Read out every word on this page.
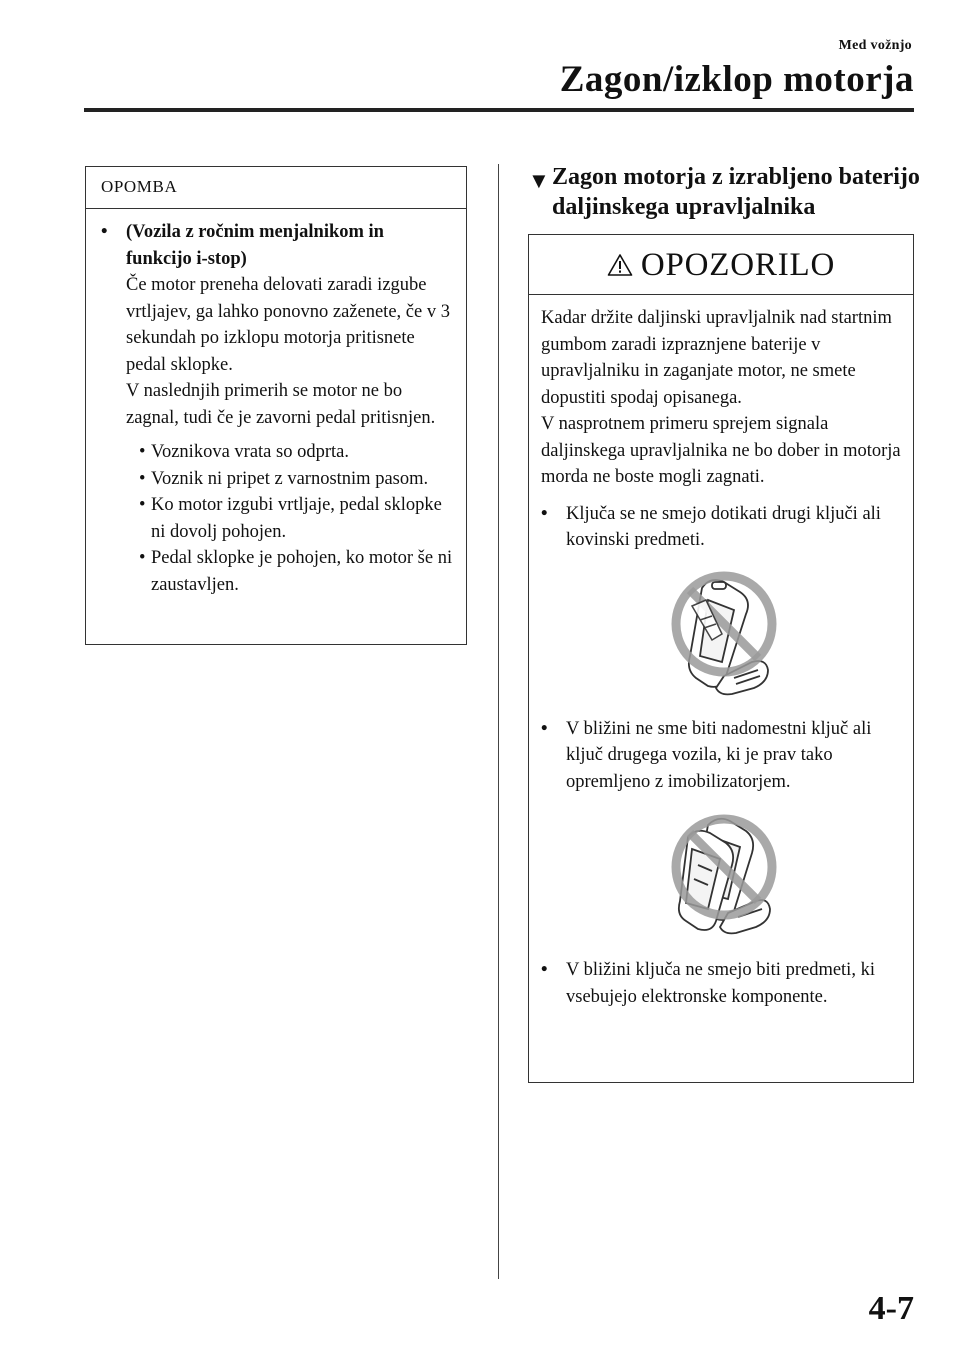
Med vožnjo
Zagon/izklop motorja
OPOMBA
•	(Vozila z ročnim menjalnikom in funkcijo i-stop)
Če motor preneha delovati zaradi izgube vrtljajev, ga lahko ponovno zaženete, če v 3 sekundah po izklopu motorja pritisnete pedal sklopke.
V naslednjih primerih se motor ne bo zagnal, tudi če je zavorni pedal pritisnjen.
• Voznikova vrata so odprta.
• Voznik ni pripet z varnostnim pasom.
• Ko motor izgubi vrtljaje, pedal sklopke ni dovolj pohojen.
• Pedal sklopke je pohojen, ko motor še ni zaustavljen.
▼ Zagon motorja z izrabljeno baterijo daljinskega upravljalnika
OPOZORILO
Kadar držite daljinski upravljalnik nad startnim gumbom zaradi izpraznjene baterije v upravljalniku in zaganjate motor, ne smete dopustiti spodaj opisanega.
V nasprotnem primeru sprejem signala daljinskega upravljalnika ne bo dober in motorja morda ne boste mogli zagnati.
•	Ključa se ne smejo dotikati drugi ključi ali kovinski predmeti.
•	V bližini ne sme biti nadomestni ključ ali ključ drugega vozila, ki je prav tako opremljeno z imobilizatorjem.
•	V bližini ključa ne smejo biti predmeti, ki vsebujejo elektronske komponente.
4-7
